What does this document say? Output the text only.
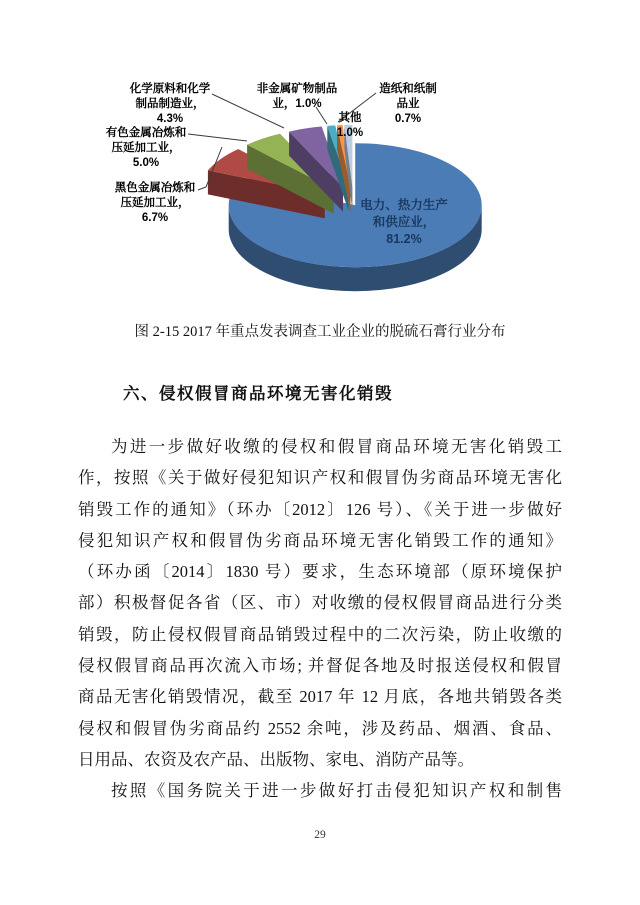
电力、热力生产
和供应业，
81.2%
黑色金属冶炼和
压延加工业，
6.7%
有色金属冶炼和
压延加工业，
5.0%
化学原料和化学
制品制造业，
4.3%
非金属矿物制品
业，1.0%
造纸和纸制
品业
0.7%
其他
1.0%
图 2-15 2017 年重点发表调查工业企业的脱硫石膏行业分布
六、侵权假冒商品环境无害化销毁
为进一步做好收缴的侵权和假冒商品环境无害化销毁工
作，按照《关于做好侵犯知识产权和假冒伪劣商品环境无害化
销毁工作的通知》（环办〔2012〕126 号）、《关于进一步做好
侵犯知识产权和假冒伪劣商品环境无害化销毁工作的通知》
（环办函〔2014〕1830 号）要求，生态环境部（原环境保护
部）积极督促各省（区、市）对收缴的侵权假冒商品进行分类
销毁，防止侵权假冒商品销毁过程中的二次污染，防止收缴的
侵权假冒商品再次流入市场; 并督促各地及时报送侵权和假冒
商品无害化销毁情况，截至 2017 年 12 月底，各地共销毁各类
侵权和假冒伪劣商品约 2552 余吨，涉及药品、烟酒、食品、
日用品、农资及农产品、出版物、家电、消防产品等。
按照《国务院关于进一步做好打击侵犯知识产权和制售
29
